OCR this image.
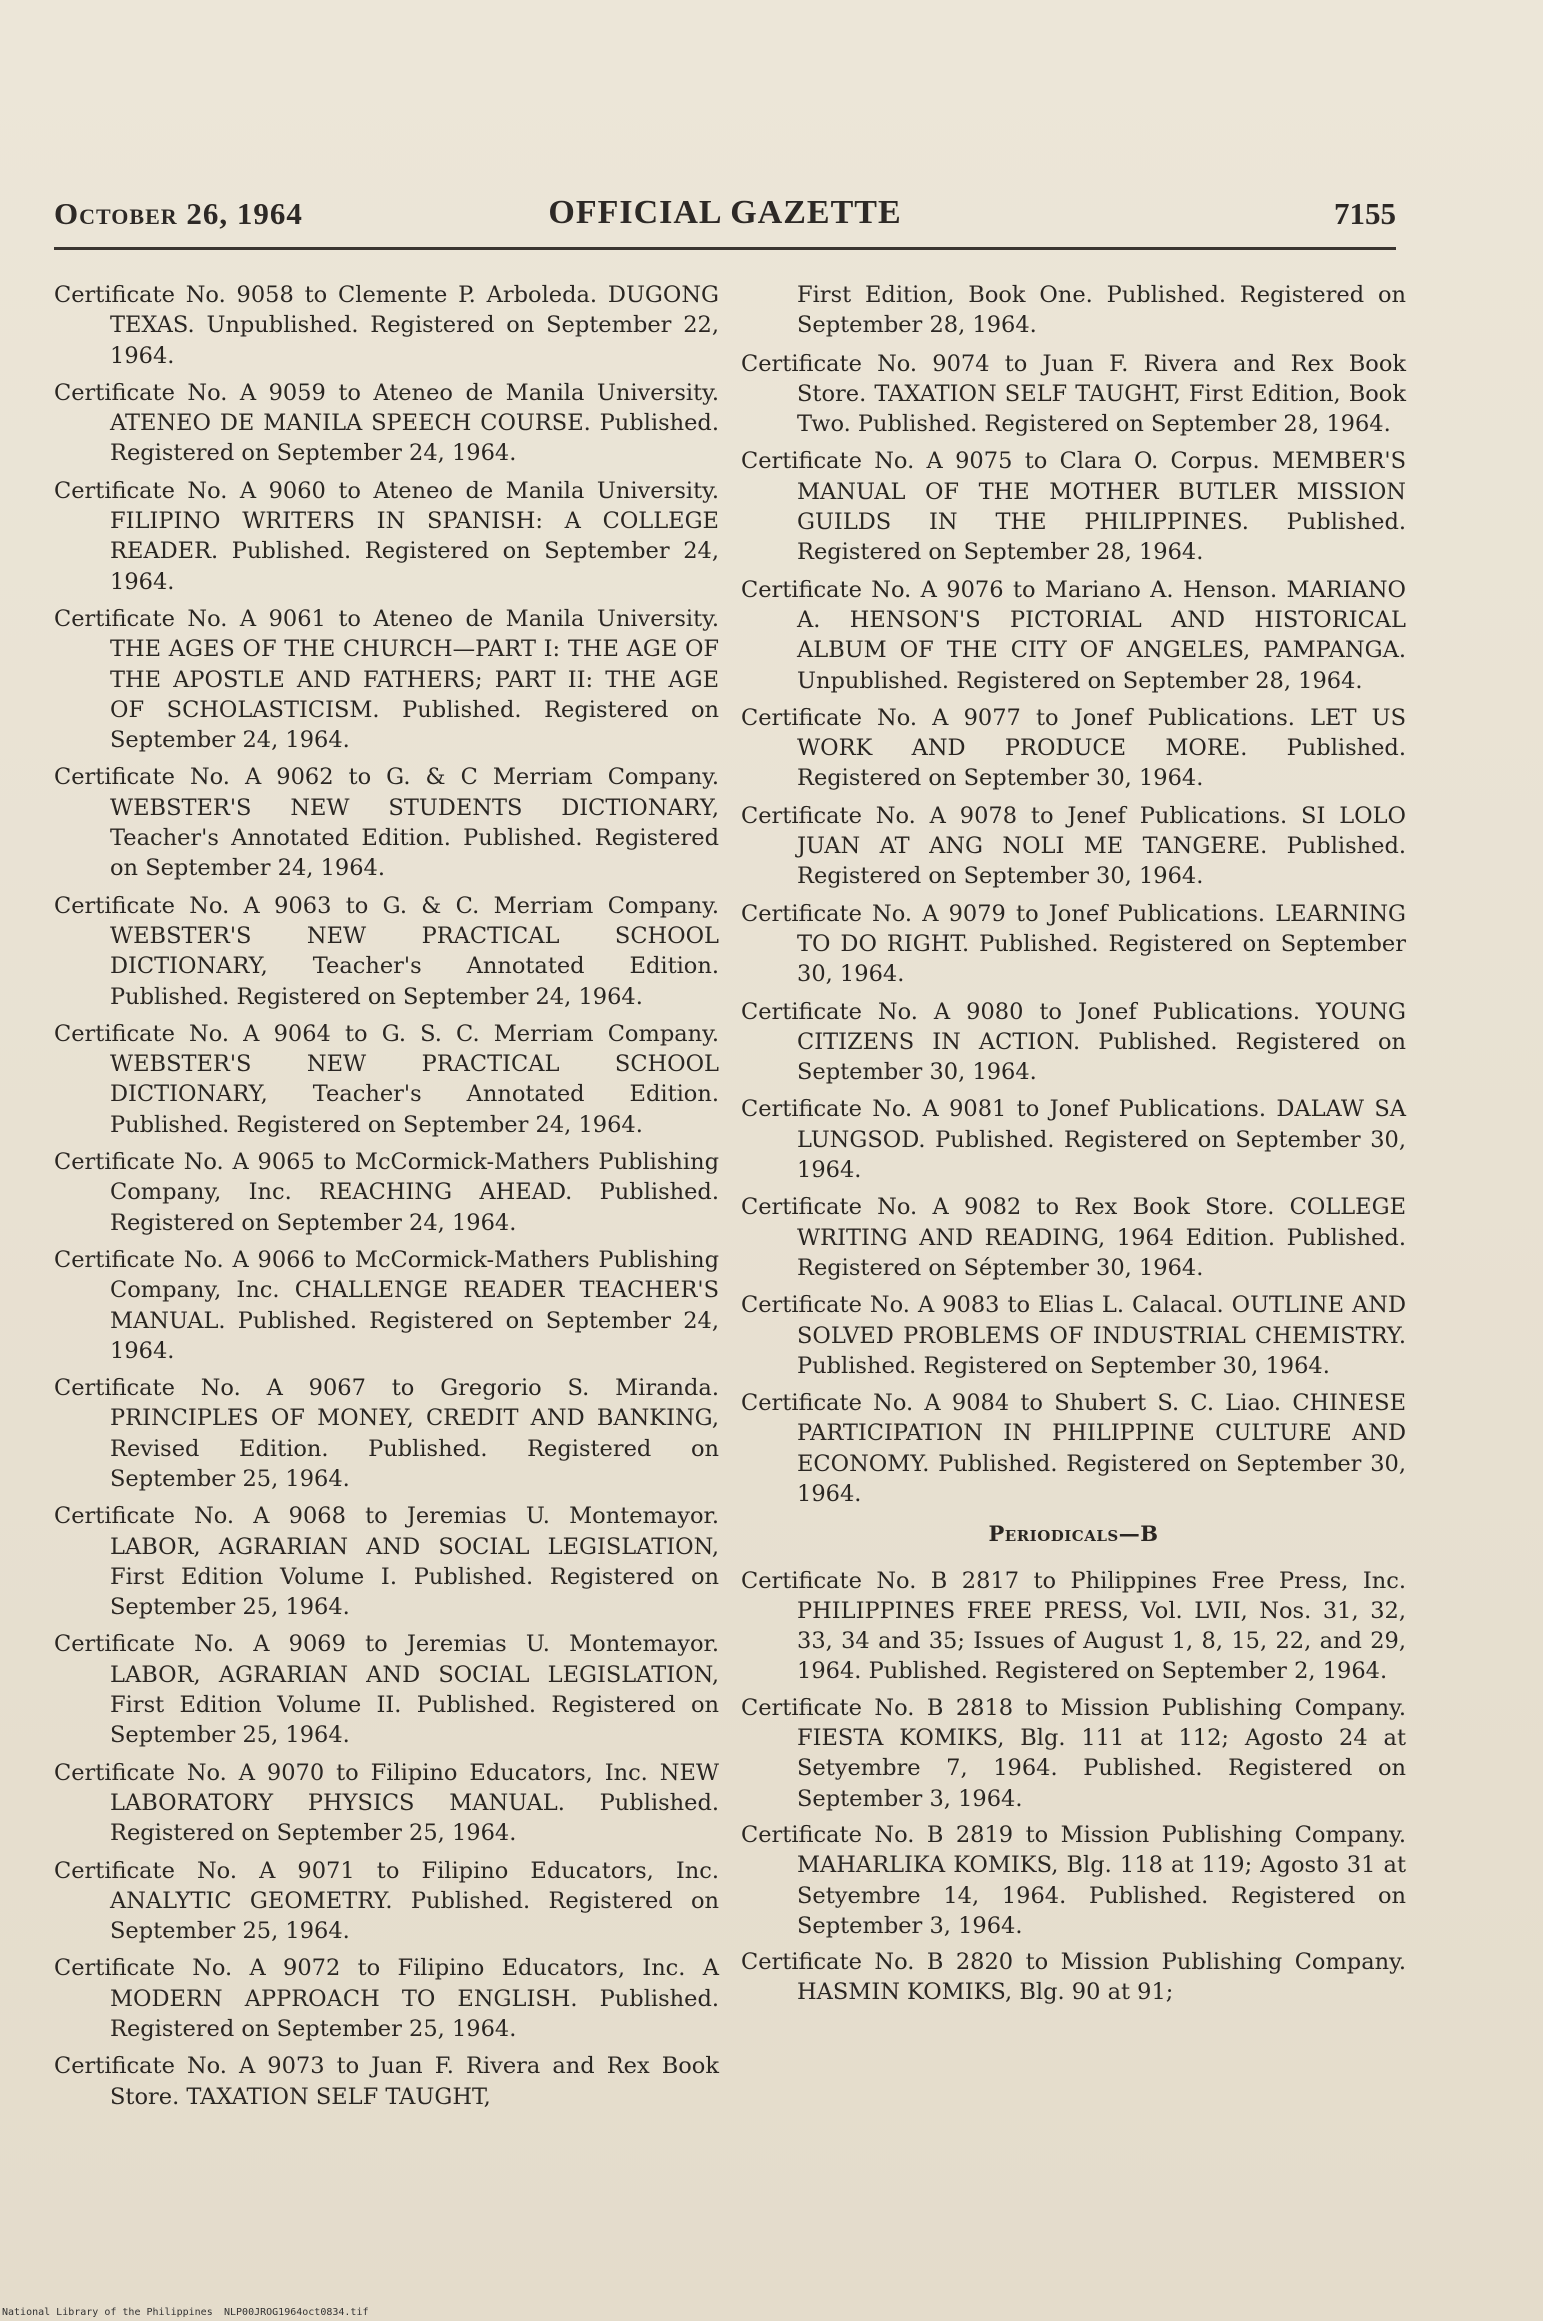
October 26, 1964	OFFICIAL GAZETTE	7155

Certificate No. 9058 to Clemente P. Arboleda. DUGONG TEXAS. Unpublished. Registered on September 22, 1964.

Certificate No. A 9059 to Ateneo de Manila University. ATENEO DE MANILA SPEECH COURSE. Published. Registered on September 24, 1964.

Certificate No. A 9060 to Ateneo de Manila University. FILIPINO WRITERS IN SPANISH: A COLLEGE READER. Published. Registered on September 24, 1964.

Certificate No. A 9061 to Ateneo de Manila University. THE AGES OF THE CHURCH—PART I: THE AGE OF THE APOSTLE AND FATHERS; PART II: THE AGE OF SCHOLASTICISM. Published. Registered on September 24, 1964.

Certificate No. A 9062 to G. & C Merriam Company. WEBSTER'S NEW STUDENTS DICTIONARY, Teacher's Annotated Edition. Published. Registered on September 24, 1964.

Certificate No. A 9063 to G. & C. Merriam Company. WEBSTER'S NEW PRACTICAL SCHOOL DICTIONARY, Teacher's Annotated Edition. Published. Registered on September 24, 1964.

Certificate No. A 9064 to G. S. C. Merriam Company. WEBSTER'S NEW PRACTICAL SCHOOL DICTIONARY, Teacher's Annotated Edition. Published. Registered on September 24, 1964.

Certificate No. A 9065 to McCormick-Mathers Publishing Company, Inc. REACHING AHEAD. Published. Registered on September 24, 1964.

Certificate No. A 9066 to McCormick-Mathers Publishing Company, Inc. CHALLENGE READER TEACHER'S MANUAL. Published. Registered on September 24, 1964.

Certificate No. A 9067 to Gregorio S. Miranda. PRINCIPLES OF MONEY, CREDIT AND BANKING, Revised Edition. Published. Registered on September 25, 1964.

Certificate No. A 9068 to Jeremias U. Montemayor. LABOR, AGRARIAN AND SOCIAL LEGISLATION, First Edition Volume I. Published. Registered on September 25, 1964.

Certificate No. A 9069 to Jeremias U. Montemayor. LABOR, AGRARIAN AND SOCIAL LEGISLATION, First Edition Volume II. Published. Registered on September 25, 1964.

Certificate No. A 9070 to Filipino Educators, Inc. NEW LABORATORY PHYSICS MANUAL. Published. Registered on September 25, 1964.

Certificate No. A 9071 to Filipino Educators, Inc. ANALYTIC GEOMETRY. Published. Registered on September 25, 1964.

Certificate No. A 9072 to Filipino Educators, Inc. A MODERN APPROACH TO ENGLISH. Published. Registered on September 25, 1964.

Certificate No. A 9073 to Juan F. Rivera and Rex Book Store. TAXATION SELF TAUGHT,

First Edition, Book One. Published. Registered on September 28, 1964.

Certificate No. 9074 to Juan F. Rivera and Rex Book Store. TAXATION SELF TAUGHT, First Edition, Book Two. Published. Registered on September 28, 1964.

Certificate No. A 9075 to Clara O. Corpus. MEMBER'S MANUAL OF THE MOTHER BUTLER MISSION GUILDS IN THE PHILIPPINES. Published. Registered on September 28, 1964.

Certificate No. A 9076 to Mariano A. Henson. MARIANO A. HENSON'S PICTORIAL AND HISTORICAL ALBUM OF THE CITY OF ANGELES, PAMPANGA. Unpublished. Registered on September 28, 1964.

Certificate No. A 9077 to Jonef Publications. LET US WORK AND PRODUCE MORE. Published. Registered on September 30, 1964.

Certificate No. A 9078 to Jenef Publications. SI LOLO JUAN AT ANG NOLI ME TANGERE. Published. Registered on September 30, 1964.

Certificate No. A 9079 to Jonef Publications. LEARNING TO DO RIGHT. Published. Registered on September 30, 1964.

Certificate No. A 9080 to Jonef Publications. YOUNG CITIZENS IN ACTION. Published. Registered on September 30, 1964.

Certificate No. A 9081 to Jonef Publications. DALAW SA LUNGSOD. Published. Registered on September 30, 1964.

Certificate No. A 9082 to Rex Book Store. COLLEGE WRITING AND READING, 1964 Edition. Published. Registered on Séptember 30, 1964.

Certificate No. A 9083 to Elias L. Calacal. OUTLINE AND SOLVED PROBLEMS OF INDUSTRIAL CHEMISTRY. Published. Registered on September 30, 1964.

Certificate No. A 9084 to Shubert S. C. Liao. CHINESE PARTICIPATION IN PHILIPPINE CULTURE AND ECONOMY. Published. Registered on September 30, 1964.

Periodicals—B

Certificate No. B 2817 to Philippines Free Press, Inc. PHILIPPINES FREE PRESS, Vol. LVII, Nos. 31, 32, 33, 34 and 35; Issues of August 1, 8, 15, 22, and 29, 1964. Published. Registered on September 2, 1964.

Certificate No. B 2818 to Mission Publishing Company. FIESTA KOMIKS, Blg. 111 at 112; Agosto 24 at Setyembre 7, 1964. Published. Registered on September 3, 1964.

Certificate No. B 2819 to Mission Publishing Company. MAHARLIKA KOMIKS, Blg. 118 at 119; Agosto 31 at Setyembre 14, 1964. Published. Registered on September 3, 1964.

Certificate No. B 2820 to Mission Publishing Company. HASMIN KOMIKS, Blg. 90 at 91;

National Library of the Philippines NLP00JROG1964oct0834.tif
